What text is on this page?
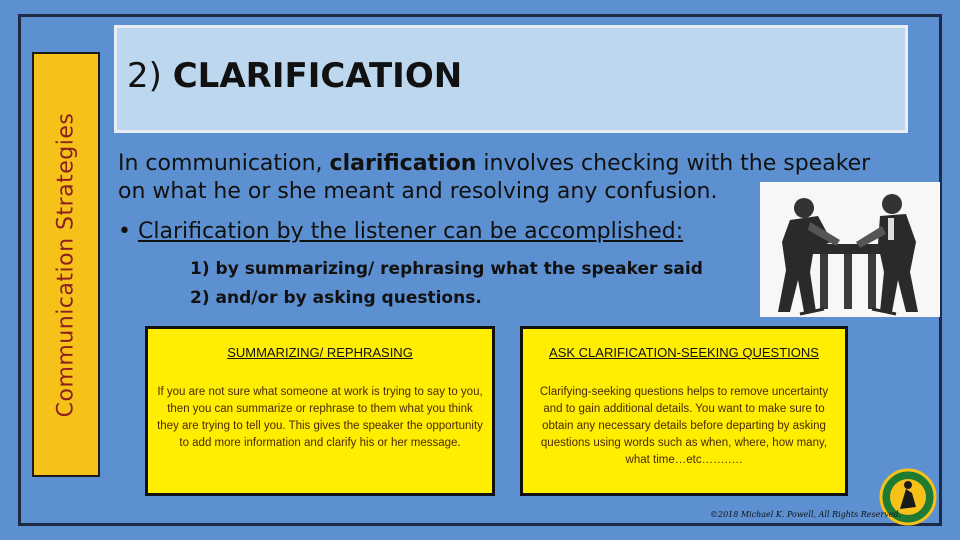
Communication Strategies
2) CLARIFICATION
In communication, clarification involves checking with the speaker on what he or she meant and resolving any confusion.
• Clarification by the listener can be accomplished:
1) by summarizing/ rephrasing what the speaker said
2) and/or by asking questions.
SUMMARIZING/ REPHRASING
If you are not sure what someone at work is trying to say to you, then you can summarize or rephrase to them what you think they are trying to tell you. This gives the speaker the opportunity to add more information and clarify his or her message.
ASK CLARIFICATION-SEEKING QUESTIONS
Clarifying-seeking questions helps to remove uncertainty and to gain additional details. You want to make sure to obtain any necessary details before departing by asking questions using words such as when, where, how many, what time…etc…….….
©2018 Michael K. Powell, All Rights Reserved.
